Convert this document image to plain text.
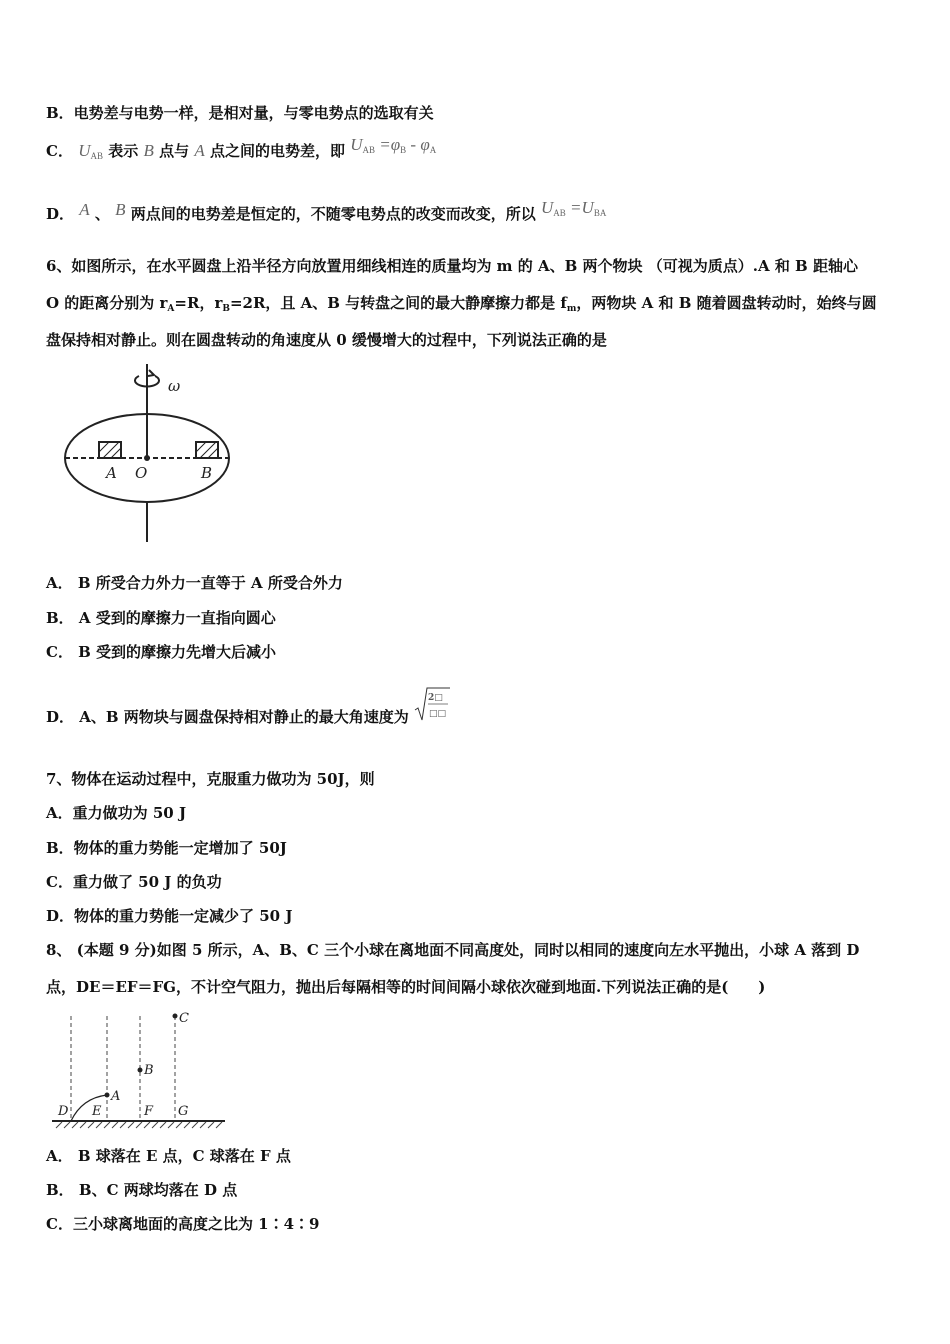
B．电势差与电势一样，是相对量，与零电势点的选取有关
C． $U_{AB}$ 表示 B 点与 A 点之间的电势差，即 $U_{AB} =\varphi_B - \varphi_A$
D． A 、 B 两点间的电势差是恒定的，不随零电势点的改变而改变，所以 $U_{AB} =U_{BA}$
6、如图所示，在水平圆盘上沿半径方向放置用细线相连的质量均为 m 的 A、B 两个物块 （可视为质点）.A 和 B 距轴心
O 的距离分别为 $r_A=R$，$r_B=2R$，且 A、B 与转盘之间的最大静摩擦力都是 $f_m$，两物块 A 和 B 随着圆盘转动时，始终与圆
盘保持相对静止。则在圆盘转动的角速度从 0 缓慢增大的过程中，下列说法正确的是
ω
A O	B
A． B 所受合力外力一直等于 A 所受合外力
B． A 受到的摩擦力一直指向圆心
C． B 受到的摩擦力先增大后减小
D． A、B 两物块与圆盘保持相对静止的最大角速度为
2□
□□
7、物体在运动过程中，克服重力做功为 50J，则
A．重力做功为 50 J
B．物体的重力势能一定增加了 50J
C．重力做了 50 J 的负功
D．物体的重力势能一定减少了 50 J
8、 (本题 9 分)如图 5 所示，A、B、C 三个小球在离地面不同高度处，同时以相同的速度向左水平抛出，小球 A 落到 D
点，DE＝EF＝FG，不计空气阻力，抛出后每隔相等的时间间隔小球依次碰到地面.下列说法正确的是(　　)
D E	F G
A
B
C
A． B 球落在 E 点，C 球落在 F 点
B． B、C 两球均落在 D 点
C．三小球离地面的高度之比为 1∶4∶9
